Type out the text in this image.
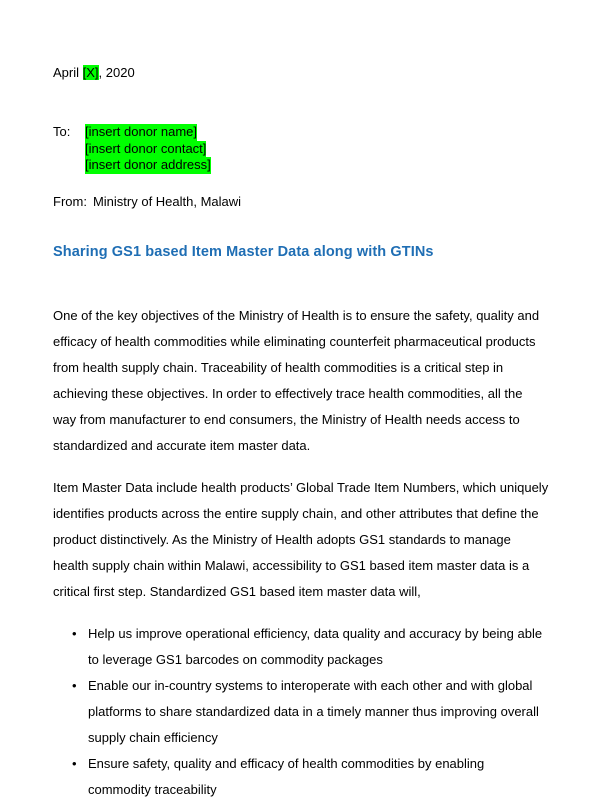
April [X], 2020
To:	[insert donor name]
[insert donor contact]
[insert donor address]
From: Ministry of Health, Malawi
Sharing GS1 based Item Master Data along with GTINs

One of the key objectives of the Ministry of Health is to ensure the safety, quality and efficacy of health commodities while eliminating counterfeit pharmaceutical products from health supply chain. Traceability of health commodities is a critical step in achieving these objectives. In order to effectively trace health commodities, all the way from manufacturer to end consumers, the Ministry of Health needs access to standardized and accurate item master data.

Item Master Data include health products’ Global Trade Item Numbers, which uniquely identifies products across the entire supply chain, and other attributes that define the product distinctively. As the Ministry of Health adopts GS1 standards to manage health supply chain within Malawi, accessibility to GS1 based item master data is a critical first step. Standardized GS1 based item master data will,

• Help us improve operational efficiency, data quality and accuracy by being able to leverage GS1 barcodes on commodity packages
• Enable our in-country systems to interoperate with each other and with global platforms to share standardized data in a timely manner thus improving overall supply chain efficiency
• Ensure safety, quality and efficacy of health commodities by enabling commodity traceability
